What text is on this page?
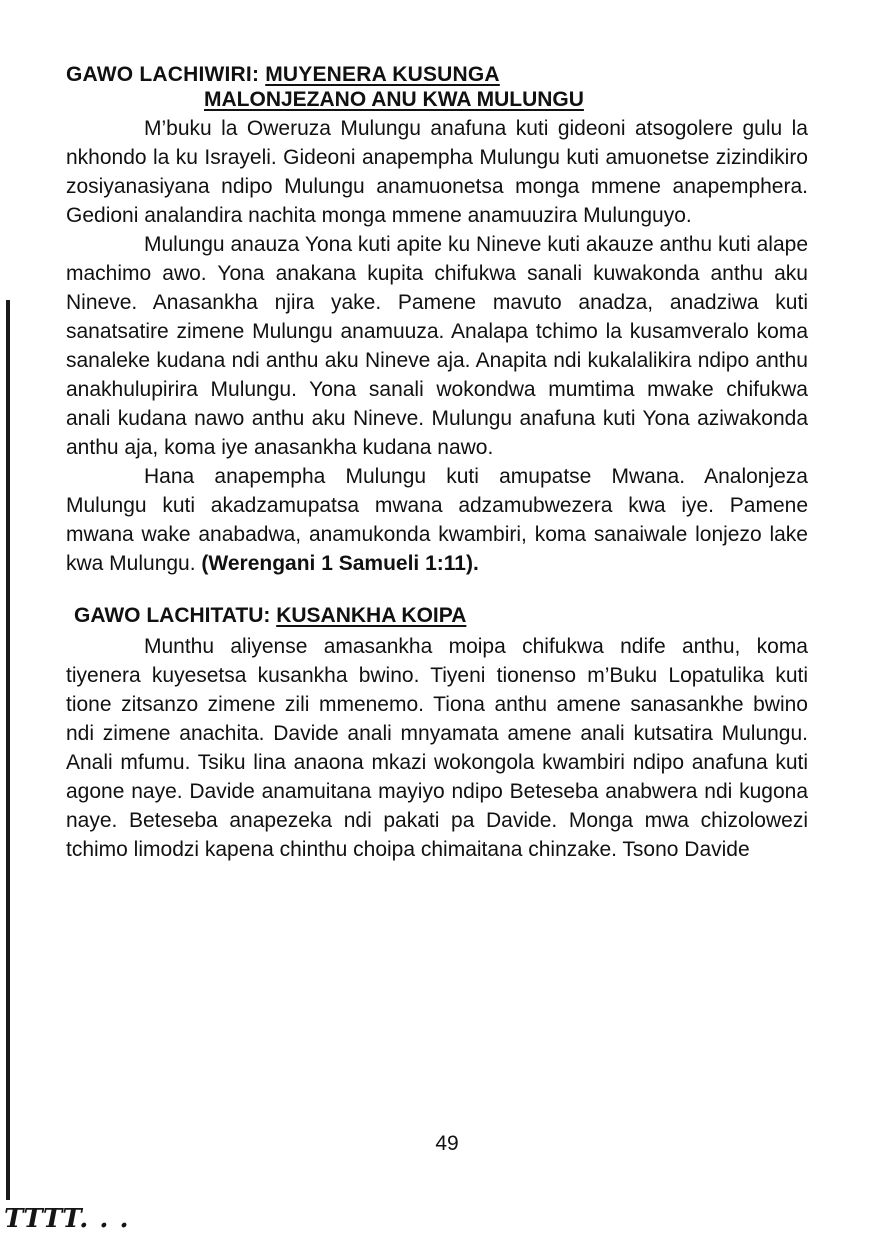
GAWO LACHIWIRI: MUYENERA KUSUNGA

MALONJEZANO ANU KWA MULUNGU

M’buku la Oweruza Mulungu anafuna kuti gideoni atsogolere gulu la nkhondo la ku Israyeli. Gideoni anapempha Mulungu kuti amuonetse zizindikiro zosiyanasiyana ndipo Mulungu anamuonetsa monga mmene anapemphera. Gedioni analandira nachita monga mmene anamuuzira Mulunguyo.

Mulungu anauza Yona kuti apite ku Nineve kuti akauze anthu kuti alape machimo awo. Yona anakana kupita chifukwa sanali kuwakonda anthu aku Nineve. Anasankha njira yake. Pamene mavuto anadza, anadziwa kuti sanatsatire zimene Mulungu anamuuza. Analapa tchimo la kusamveralo koma sanaleke kudana ndi anthu aku Nineve aja. Anapita ndi kukalalikira ndipo anthu anakhulupirira Mulungu. Yona sanali wokondwa mumtima mwake chifukwa anali kudana nawo anthu aku Nineve. Mulungu anafuna kuti Yona aziwakonda anthu aja, koma iye anasankha kudana nawo.

Hana anapempha Mulungu kuti amupatse Mwana. Analonjeza Mulungu kuti akadzamupatsa mwana adzamubwezera kwa iye. Pamene mwana wake anabadwa, anamukonda kwambiri, koma sanaiwale lonjezo lake kwa Mulungu. (Werengani 1 Samueli 1:11).

GAWO LACHITATU: KUSANKHA KOIPA

Munthu aliyense amasankha moipa chifukwa ndife anthu, koma tiyenera kuyesetsa kusankha bwino. Tiyeni tionenso m’Buku Lopatulika kuti tione zitsanzo zimene zili mmenemo. Tiona anthu amene sanasankhe bwino ndi zimene anachita. Davide anali mnyamata amene anali kutsatira Mulungu. Anali mfumu. Tsiku lina anaona mkazi wokongola kwambiri ndipo anafuna kuti agone naye. Davide anamuitana mayiyo ndipo Beteseba anabwera ndi kugona naye. Beteseba anapezeka ndi pakati pa Davide. Monga mwa chizolowezi tchimo limodzi kapena chinthu choipa chimaitana chinzake. Tsono Davide

49
TTTT. . .
